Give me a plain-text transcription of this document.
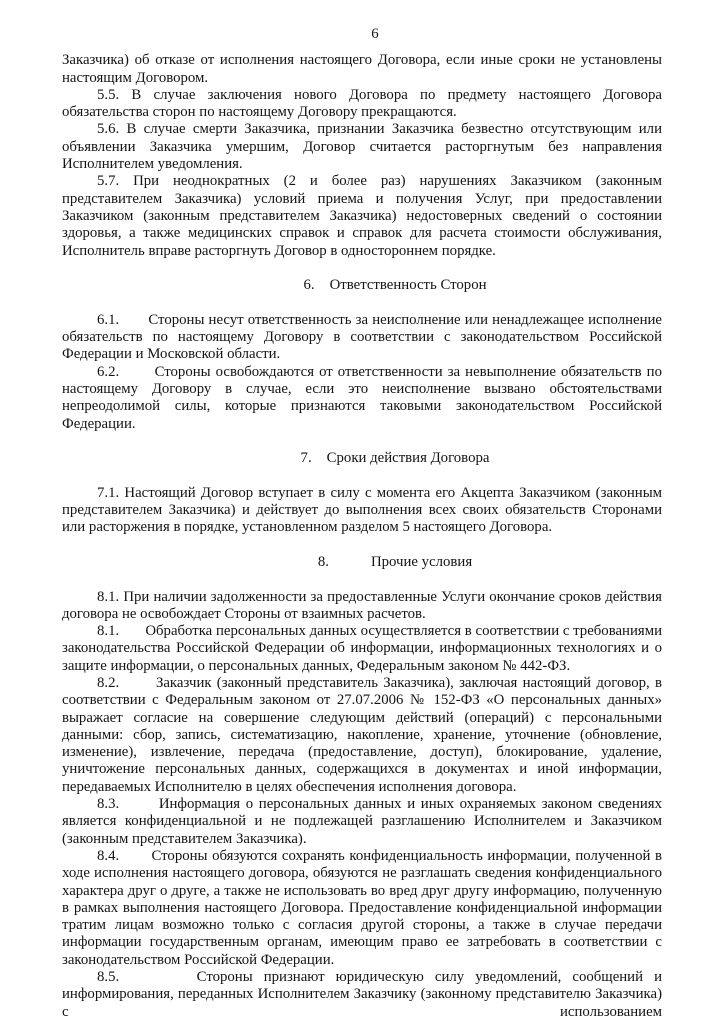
6

Заказчика) об отказе от исполнения настоящего Договора, если иные сроки не установлены настоящим Договором.

5.5. В случае заключения нового Договора по предмету настоящего Договора обязательства сторон по настоящему Договору прекращаются.

5.6. В случае смерти Заказчика, признании Заказчика безвестно отсутствующим или объявлении Заказчика умершим, Договор считается расторгнутым без направления Исполнителем уведомления.

5.7. При неоднократных (2 и более раз) нарушениях Заказчиком (законным представителем Заказчика) условий приема и получения Услуг, при предоставлении Заказчиком (законным представителем Заказчика) недостоверных сведений о состоянии здоровья, а также медицинских справок и справок для расчета стоимости обслуживания, Исполнитель вправе расторгнуть Договор в одностороннем порядке.

6. Ответственность Сторон

6.1.       Стороны несут ответственность за неисполнение или ненадлежащее исполнение обязательств по настоящему Договору в соответствии с законодательством Российской Федерации и Московской области.

6.2.       Стороны освобождаются от ответственности за невыполнение обязательств по настоящему Договору в случае, если это неисполнение вызвано обстоятельствами непреодолимой силы, которые признаются таковыми законодательством Российской Федерации.

7. Сроки действия Договора

7.1. Настоящий Договор вступает в силу с момента его Акцепта Заказчиком (законным представителем Заказчика) и действует до выполнения всех своих обязательств Сторонами или расторжения в порядке, установленном разделом 5 настоящего Договора.

8.	Прочие условия

8.1. При наличии задолженности за предоставленные Услуги окончание сроков действия договора не освобождает Стороны от взаимных расчетов.

8.1.       Обработка персональных данных осуществляется в соответствии с требованиями законодательства Российской Федерации об информации, информационных технологиях и о защите информации, о персональных данных, Федеральным законом № 442-ФЗ.

8.2.       Заказчик (законный представитель Заказчика), заключая настоящий договор, в соответствии с Федеральным законом от 27.07.2006 № 152-ФЗ «О персональных данных» выражает согласие на совершение следующим действий (операций) с персональными данными: сбор, запись, систематизацию, накопление, хранение, уточнение (обновление, изменение), извлечение, передача (предоставление, доступ), блокирование, удаление, уничтожение персональных данных, содержащихся в документах и иной информации, передаваемых Исполнителю в целях обеспечения исполнения договора.

8.3.       Информация о персональных данных и иных охраняемых законом сведениях является конфиденциальной и не подлежащей разглашению Исполнителем и Заказчиком (законным представителем Заказчика).

8.4.       Стороны обязуются сохранять конфиденциальность информации, полученной в ходе исполнения настоящего договора, обязуются не разглашать сведения конфиденциального характера друг о друге, а также не использовать во вред друг другу информацию, полученную в рамках выполнения настоящего Договора. Предоставление конфиденциальной информации тратим лицам возможно только с согласия другой стороны, а также в случае передачи информации государственным органам, имеющим право ее затребовать в соответствии с законодательством Российской Федерации.

8.5.       Стороны признают юридическую силу уведомлений, сообщений и информирования, переданных Исполнителем Заказчику (законному представителю Заказчика) с использованием
